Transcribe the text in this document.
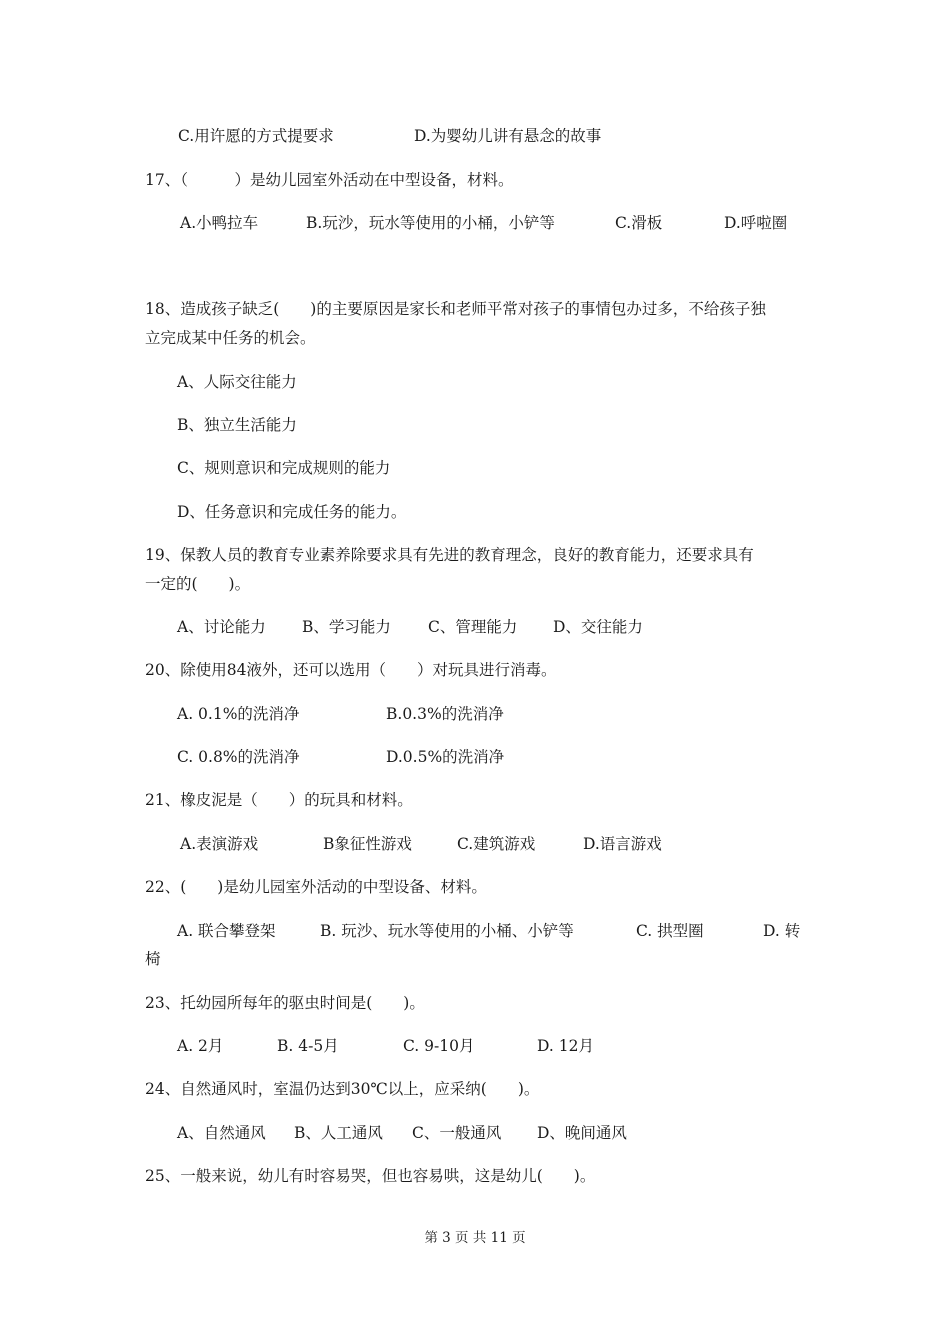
C.用许愿的方式提要求	D.为婴幼儿讲有悬念的故事
17、（　　　）是幼儿园室外活动在中型设备，材料。
A.小鸭拉车	B.玩沙，玩水等使用的小桶，小铲等	C.滑板	D.呼啦圈
18、造成孩子缺乏(　　)的主要原因是家长和老师平常对孩子的事情包办过多，不给孩子独
立完成某中任务的机会。
A、人际交往能力
B、独立生活能力
C、规则意识和完成规则的能力
D、任务意识和完成任务的能力。
19、保教人员的教育专业素养除要求具有先进的教育理念，良好的教育能力，还要求具有
一定的(　　)。
A、讨论能力 B、学习能力 C、管理能力 D、交往能力
20、除使用84液外，还可以选用（　　）对玩具进行消毒。
A. 0.1%的洗消净	B.0.3%的洗消净
C. 0.8%的洗消净	D.0.5%的洗消净
21、橡皮泥是（　　）的玩具和材料。
A.表演游戏	B象征性游戏	C.建筑游戏	D.语言游戏
22、(　　)是幼儿园室外活动的中型设备、材料。
A. 联合攀登架	B. 玩沙、玩水等使用的小桶、小铲等	C. 拱型圈	D. 转
椅
23、托幼园所每年的驱虫时间是(　　)。
A. 2月	B. 4-5月	C. 9-10月	D. 12月
24、自然通风时，室温仍达到30℃以上，应采纳(　　)。
A、自然通风 B、人工通风 C、一般通风 D、晚间通风
25、一般来说，幼儿有时容易哭，但也容易哄，这是幼儿(　　)。
第 3 页 共 11 页
